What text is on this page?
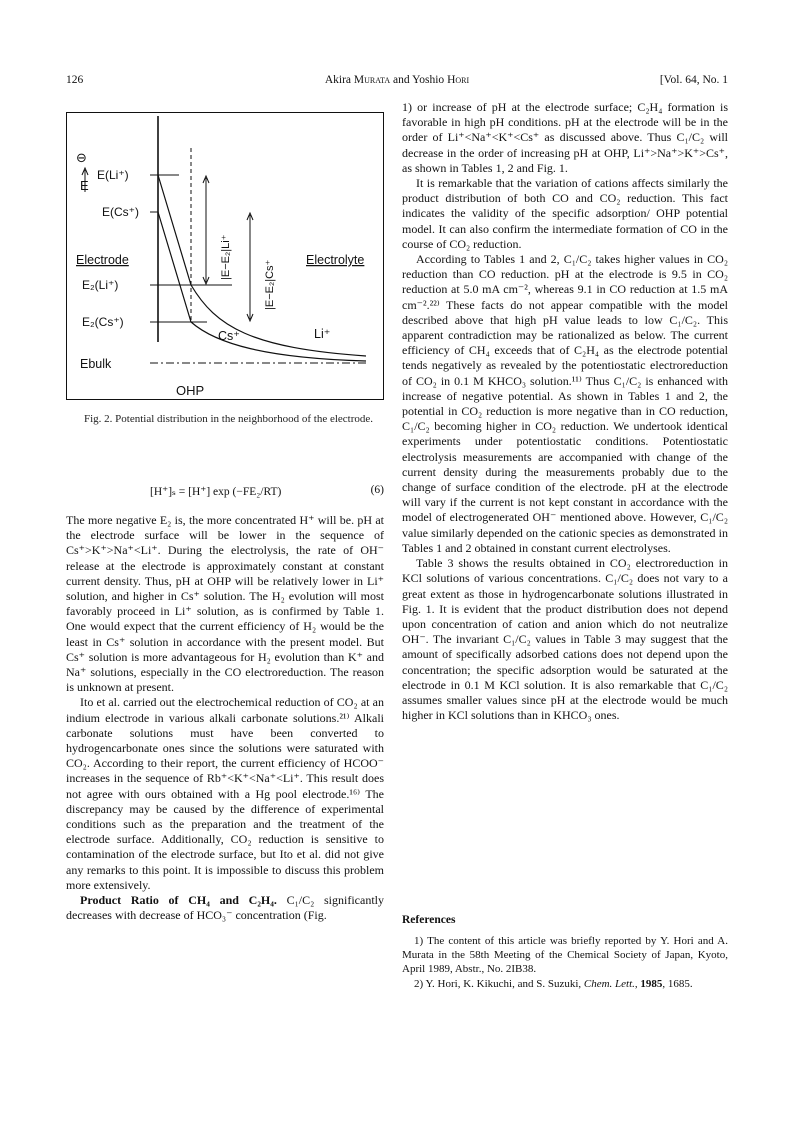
126	Akira Murata and Yoshio Hori	[Vol. 64, No. 1
⊖
E
E(Li⁺)
E(Cs⁺)
Electrode	Electrolyte
E₂(Li⁺)
E₂(Cs⁺)
Ebulk
OHP
Cs⁺	Li⁺
|E−E₂|Li⁺
|E−E₂|Cs⁺
Fig. 2. Potential distribution in the neighborhood of the electrode.
[H⁺]ₛ = [H⁺] exp (−FE₂/RT)	(6)

The more negative E₂ is, the more concentrated H⁺ will be. pH at the electrode surface will be lower in the sequence of Cs⁺>K⁺>Na⁺<Li⁺. During the electrolysis, the rate of OH⁻ release at the electrode is approximately constant at constant current density. Thus, pH at OHP will be relatively lower in Li⁺ solution, and higher in Cs⁺ solution. The H₂ evolution will most favorably proceed in Li⁺ solution, as is confirmed by Table 1. One would expect that the current efficiency of H₂ would be the least in Cs⁺ solution in accordance with the present model. But Cs⁺ solution is more advantageous for H₂ evolution than K⁺ and Na⁺ solutions, especially in the CO electroreduction. The reason is unknown at present.

Ito et al. carried out the electrochemical reduction of CO₂ at an indium electrode in various alkali carbonate solutions.²¹⁾ Alkali carbonate solutions must have been converted to hydrogencarbonate ones since the solutions were saturated with CO₂. According to their report, the current efficiency of HCOO⁻ increases in the sequence of Rb⁺<K⁺<Na⁺<Li⁺. This result does not agree with ours obtained with a Hg pool electrode.¹⁶⁾ The discrepancy may be caused by the difference of experimental conditions such as the preparation and the treatment of the electrode surface. Additionally, CO₂ reduction is sensitive to contamination of the electrode surface, but Ito et al. did not give any remarks to this point. It is impossible to discuss this problem more extensively.

Product Ratio of CH₄ and C₂H₄. C₁/C₂ significantly decreases with decrease of HCO₃⁻ concentration (Fig.

1) or increase of pH at the electrode surface; C₂H₄ formation is favorable in high pH conditions. pH at the electrode will be in the order of Li⁺<Na⁺<K⁺<Cs⁺ as discussed above. Thus C₁/C₂ will decrease in the order of increasing pH at OHP, Li⁺>Na⁺>K⁺>Cs⁺, as shown in Tables 1, 2 and Fig. 1.

It is remarkable that the variation of cations affects similarly the product distribution of both CO and CO₂ reduction. This fact indicates the validity of the specific adsorption/ OHP potential model. It can also confirm the intermediate formation of CO in the course of CO₂ reduction.

According to Tables 1 and 2, C₁/C₂ takes higher values in CO₂ reduction than CO reduction. pH at the electrode is 9.5 in CO₂ reduction at 5.0 mA cm⁻², whereas 9.1 in CO reduction at 1.5 mA cm⁻².²²⁾ These facts do not appear compatible with the model described above that high pH value leads to low C₁/C₂. This apparent contradiction may be rationalized as below. The current efficiency of CH₄ exceeds that of C₂H₄ as the electrode potential tends negatively as revealed by the potentiostatic electroreduction of CO₂ in 0.1 M KHCO₃ solution.¹¹⁾ Thus C₁/C₂ is enhanced with increase of negative potential. As shown in Tables 1 and 2, the potential in CO₂ reduction is more negative than in CO reduction, C₁/C₂ becoming higher in CO₂ reduction. We undertook identical experiments under potentiostatic conditions. Potentiostatic electrolysis measurements are accompanied with change of the current density during the measurements probably due to the change of surface condition of the electrode. pH at the electrode will vary if the current is not kept constant in accordance with the model of electrogenerated OH⁻ mentioned above. However, C₁/C₂ value similarly depended on the cationic species as demonstrated in Tables 1 and 2 obtained in constant current electrolyses.

Table 3 shows the results obtained in CO₂ electroreduction in KCl solutions of various concentrations. C₁/C₂ does not vary to a great extent as those in hydrogencarbonate solutions illustrated in Fig. 1. It is evident that the product distribution does not depend upon concentration of cation and anion which do not neutralize OH⁻. The invariant C₁/C₂ values in Table 3 may suggest that the amount of specifically adsorbed cations does not depend upon the concentration; the specific adsorption would be saturated at the electrode in 0.1 M KCl solution. It is also remarkable that C₁/C₂ assumes smaller values since pH at the electrode would be much higher in KCl solutions than in KHCO₃ ones.

References

1) The content of this article was briefly reported by Y. Hori and A. Murata in the 58th Meeting of the Chemical Society of Japan, Kyoto, April 1989, Abstr., No. 2IB38.

2) Y. Hori, K. Kikuchi, and S. Suzuki, Chem. Lett., 1985, 1685.
